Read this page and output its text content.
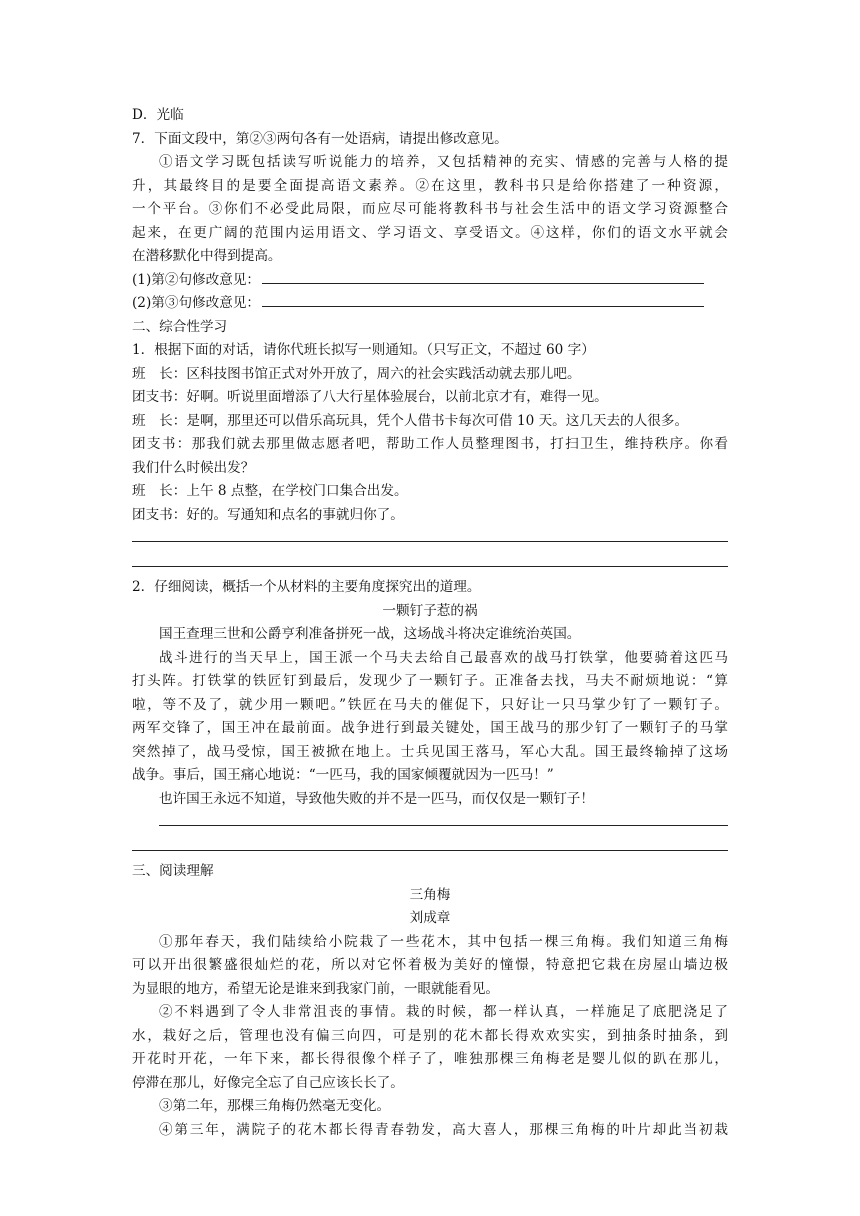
D．光临
7．下面文段中，第②③两句各有一处语病，请提出修改意见。
①语文学习既包括读写听说能力的培养，又包括精神的充实、情感的完善与人格的提
升，其最终目的是要全面提高语文素养。②在这里，教科书只是给你搭建了一种资源，
一个平台。③你们不必受此局限，而应尽可能将教科书与社会生活中的语文学习资源整合
起来，在更广阔的范围内运用语文、学习语文、享受语文。④这样，你们的语文水平就会
在潜移默化中得到提高。
(1)第②句修改意见：
(2)第③句修改意见：
二、综合性学习
1．根据下面的对话，请你代班长拟写一则通知。（只写正文，不超过 60 字）
班　长：区科技图书馆正式对外开放了，周六的社会实践活动就去那儿吧。
团支书：好啊。听说里面增添了八大行星体验展台，以前北京才有，难得一见。
班　长：是啊，那里还可以借乐高玩具，凭个人借书卡每次可借 10 天。这几天去的人很多。
团支书：那我们就去那里做志愿者吧，帮助工作人员整理图书，打扫卫生，维持秩序。你看
我们什么时候出发？
班　长：上午 8 点整，在学校门口集合出发。
团支书：好的。写通知和点名的事就归你了。
2．仔细阅读，概括一个从材料的主要角度探究出的道理。
一颗钉子惹的祸
国王查理三世和公爵亨利准备拼死一战，这场战斗将决定谁统治英国。
战斗进行的当天早上，国王派一个马夫去给自己最喜欢的战马打铁掌，他要骑着这匹马
打头阵。打铁掌的铁匠钉到最后，发现少了一颗钉子。正准备去找，马夫不耐烦地说：“算
啦，等不及了，就少用一颗吧。”铁匠在马夫的催促下，只好让一只马掌少钉了一颗钉子。
两军交锋了，国王冲在最前面。战争进行到最关键处，国王战马的那少钉了一颗钉子的马掌
突然掉了，战马受惊，国王被掀在地上。士兵见国王落马，军心大乱。国王最终输掉了这场
战争。事后，国王痛心地说：“一匹马，我的国家倾覆就因为一匹马！”
也许国王永远不知道，导致他失败的并不是一匹马，而仅仅是一颗钉子！
三、阅读理解
三角梅
刘成章
①那年春天，我们陆续给小院栽了一些花木，其中包括一棵三角梅。我们知道三角梅
可以开出很繁盛很灿烂的花，所以对它怀着极为美好的憧憬，特意把它栽在房屋山墙边极
为显眼的地方，希望无论是谁来到我家门前，一眼就能看见。
②不料遇到了令人非常沮丧的事情。栽的时候，都一样认真，一样施足了底肥浇足了
水，栽好之后，管理也没有偏三向四，可是别的花木都长得欢欢实实，到抽条时抽条，到
开花时开花，一年下来，都长得很像个样子了，唯独那棵三角梅老是婴儿似的趴在那儿，
停滞在那儿，好像完全忘了自己应该长长了。
③第二年，那棵三角梅仍然毫无变化。
④第三年，满院子的花木都长得青春勃发，高大喜人，那棵三角梅的叶片却此当初栽
